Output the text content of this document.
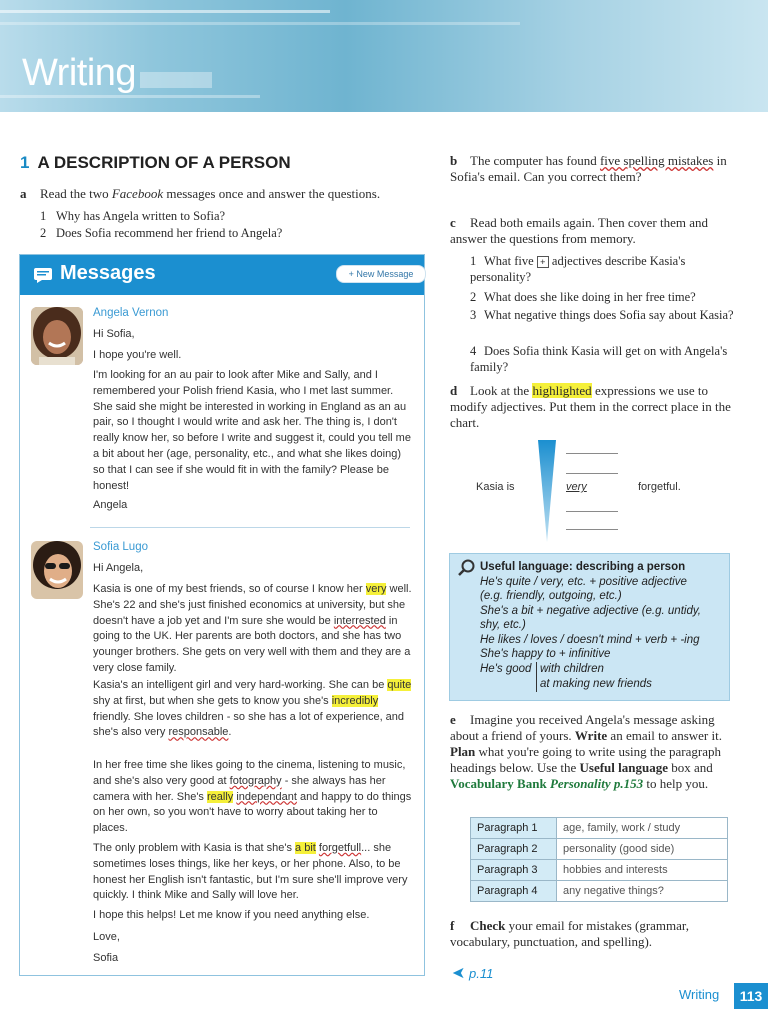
Writing
1 A DESCRIPTION OF A PERSON
a Read the two Facebook messages once and answer the questions.
1 Why has Angela written to Sofia?
2 Does Sofia recommend her friend to Angela?
Messages	+ New Message
Angela Vernon
Hi Sofia,
I hope you're well.
I'm looking for an au pair to look after Mike and Sally, and I remembered your Polish friend Kasia, who I met last summer. She said she might be interested in working in England as an au pair, so I thought I would write and ask her. The thing is, I don't really know her, so before I write and suggest it, could you tell me a bit about her (age, personality, etc., and what she likes doing) so that I can see if she would fit in with the family? Please be honest!
Angela
Sofia Lugo
Hi Angela,
Kasia is one of my best friends, so of course I know her very well. She's 22 and she's just finished economics at university, but she doesn't have a job yet and I'm sure she would be interrested in going to the UK. Her parents are both doctors, and she has two younger brothers. She gets on very well with them and they are a very close family.
Kasia's an intelligent girl and very hard-working. She can be quite shy at first, but when she gets to know you she's incredibly friendly. She loves children - so she has a lot of experience, and she's also very responsable.
In her free time she likes going to the cinema, listening to music, and she's also very good at fotography - she always has her camera with her. She's really independant and happy to do things on her own, so you won't have to worry about taking her to places.
The only problem with Kasia is that she's a bit forgetfull... she sometimes loses things, like her keys, or her phone. Also, to be honest her English isn't fantastic, but I'm sure she'll improve very quickly. I think Mike and Sally will love her.
I hope this helps! Let me know if you need anything else.
Love,
Sofia
b The computer has found five spelling mistakes in Sofia's email. Can you correct them?
c Read both emails again. Then cover them and answer the questions from memory.
1 What five + adjectives describe Kasia's personality?
2 What does she like doing in her free time?
3 What negative things does Sofia say about Kasia?
4 Does Sofia think Kasia will get on with Angela's family?
d Look at the highlighted expressions we use to modify adjectives. Put them in the correct place in the chart.
Kasia is	very	forgetful.
Useful language: describing a person
He's quite / very, etc. + positive adjective
(e.g. friendly, outgoing, etc.)
She's a bit + negative adjective (e.g. untidy,
shy, etc.)
He likes / loves / doesn't mind + verb + -ing
She's happy to + infinitive
He's good with children
at making new friends
e Imagine you received Angela's message asking about a friend of yours. Write an email to answer it. Plan what you're going to write using the paragraph headings below. Use the Useful language box and Vocabulary Bank Personality p.153 to help you.
Paragraph 1	age, family, work / study
Paragraph 2	personality (good side)
Paragraph 3	hobbies and interests
Paragraph 4	any negative things?
f Check your email for mistakes (grammar, vocabulary, punctuation, and spelling).
➤ p.11
Writing	113
